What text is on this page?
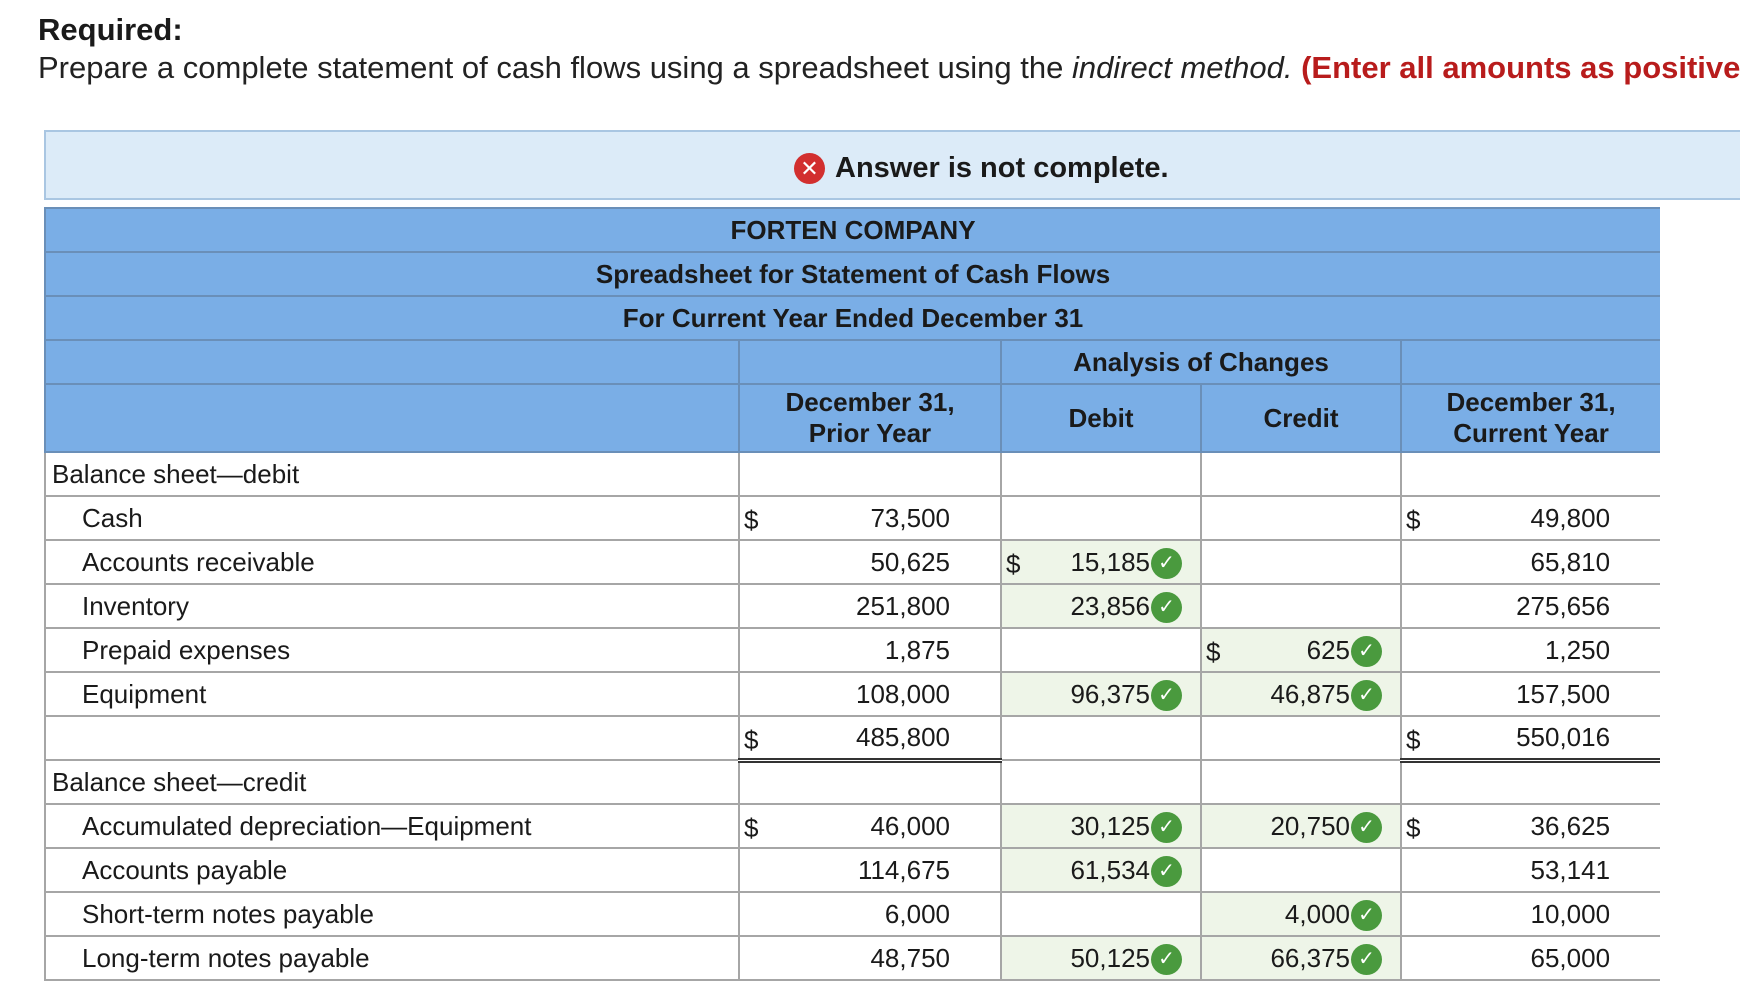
Required:
Prepare a complete statement of cash flows using a spreadsheet using the indirect method. (Enter all amounts as positive
✕ Answer is not complete.
FORTEN COMPANY				
Spreadsheet for Statement of Cash Flows				
For Current Year Ended December 31				
		Analysis of Changes		
	December 31,
Prior Year	Debit	Credit	December 31,
Current Year
Balance sheet—debit				
Cash	$ 73,500			$ 49,800
Accounts receivable	50,625	$ 15,185 ✓		65,810
Inventory	251,800	23,856 ✓		275,656
Prepaid expenses	1,875		$ 625 ✓	1,250
Equipment	108,000	96,375 ✓	46,875 ✓	157,500

	$ 485,800			$ 550,016
Balance sheet—credit				
Accumulated depreciation—Equipment	$ 46,000	30,125 ✓	20,750 ✓	$ 36,625
Accounts payable	114,675	61,534 ✓		53,141
Short-term notes payable	6,000		4,000 ✓	10,000
Long-term notes payable	48,750	50,125 ✓	66,375 ✓	65,000
